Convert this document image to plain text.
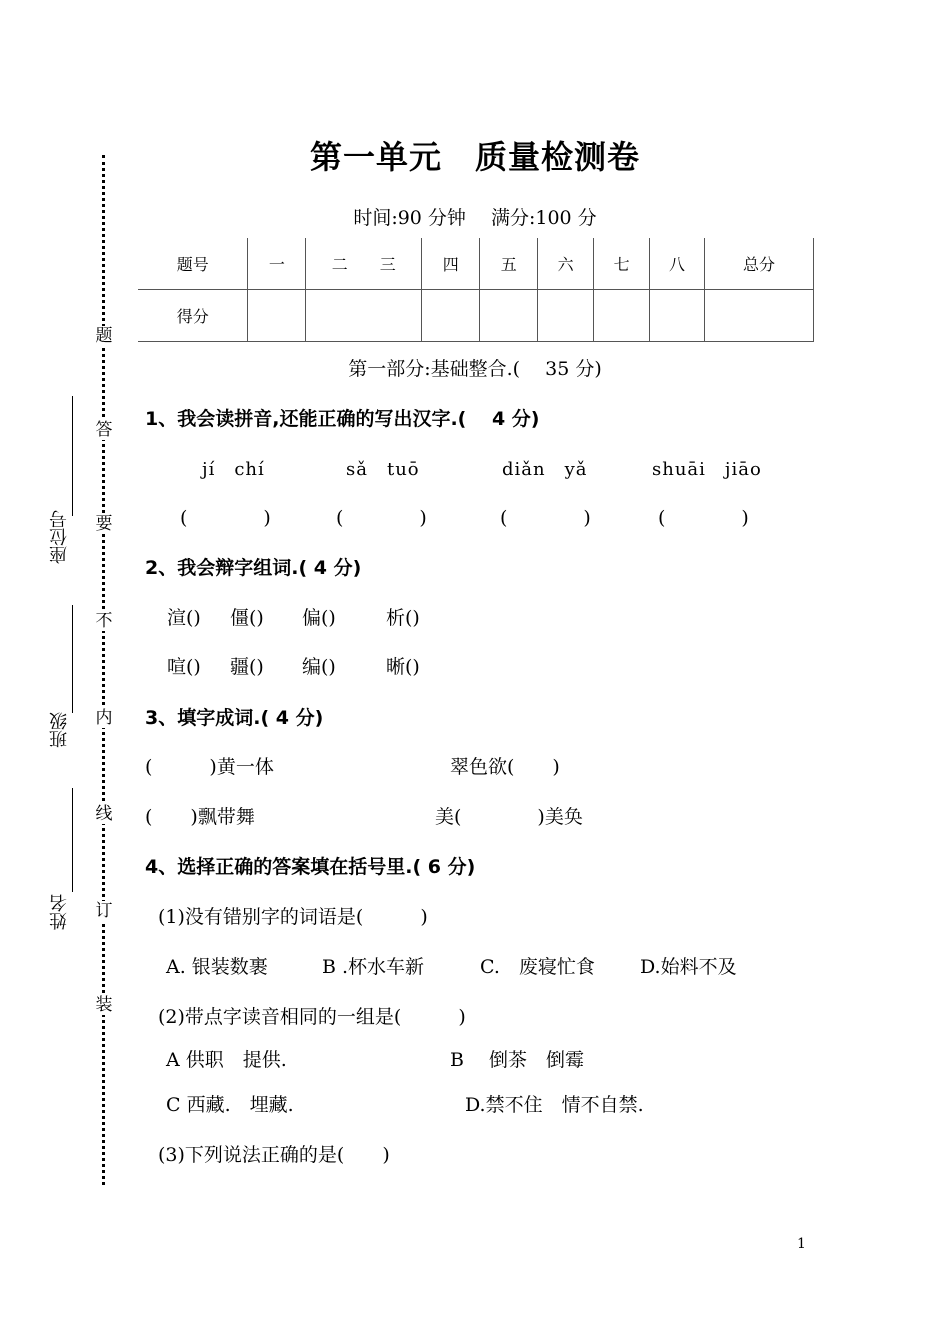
题
答
要
不
内
线
订
装
座位号
班级
姓名
第一单元　质量检测卷
时间:90 分钟　 满分:100 分
题号	一	二　　三	四	五	六	七	八	总分
得分								
第一部分:基础整合.(　 35 分)
1、我会读拼音,还能正确的写出汉字.(　 4 分)
jí　chí	sǎ　tuō	diǎn　yǎ	shuāi　jiāo
(　　　　)	(　　　　)	(　　　　)	(　　　　)
2、我会辩字组词.( 4 分)
渲() 僵() 偏()	析()
喧() 疆() 编()	晰()
3、填字成词.( 4 分)
(　　　)黄一体	翠色欲(　　)
(　　)飘带舞	美(　　　　)美奂
4、选择正确的答案填在括号里.( 6 分)
(1)没有错别字的词语是(　　　)
A. 银装数裹	B .杯水车新	C.　废寝忙食 D.始料不及
(2)带点字读音相同的一组是(　　　)
A 供职　提供.	B　 倒茶　倒霉
C 西藏.　埋藏.	D.禁不住　情不自禁.
(3)下列说法正确的是(　　)
1
